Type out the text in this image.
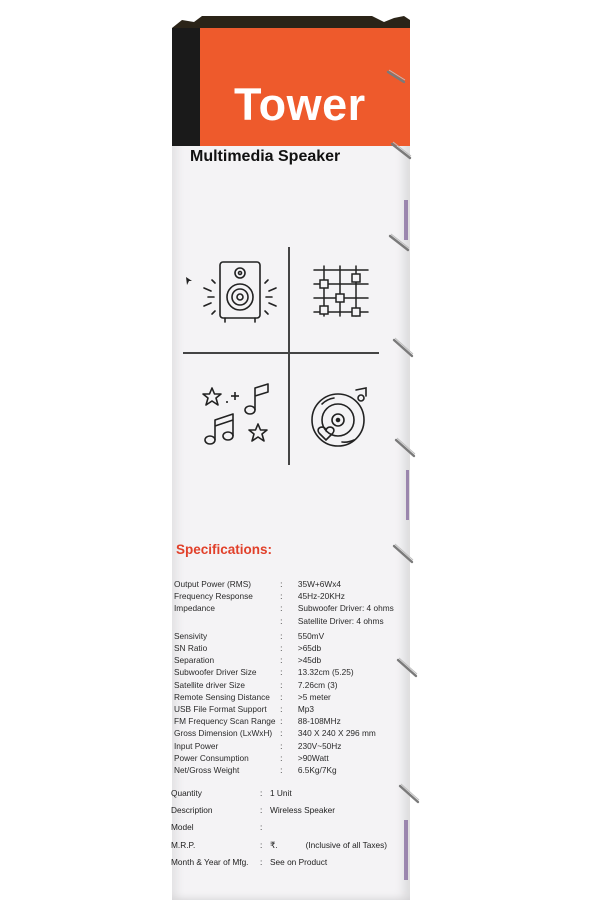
Tower
Multimedia Speaker
Specifications:
Output Power (RMS)	:	35W+6Wx4
Frequency Response	:	45Hz-20KHz
Impedance	:	Subwoofer Driver: 4 ohms
:	Satellite Driver: 4 ohms
Sensivity	:	550mV
SN Ratio	:	>65db
Separation	:	>45db
Subwoofer Driver Size	:	13.32cm (5.25)
Satellite driver Size	:	7.26cm (3)
Remote Sensing Distance	:	>5 meter
USB File Format Support	:	Mp3
FM Frequency Scan Range :	88-108MHz
Gross Dimension (LxWxH) :	340 X 240 X 296 mm
Input Power	:	230V~50Hz
Power Consumption	:	>90Watt
Net/Gross Weight	:	6.5Kg/7Kg
Quantity	: 1 Unit
Description	: Wireless Speaker
Model	:
M.R.P.	: ₹.	(Inclusive of all Taxes)
Month & Year of Mfg.	: See on Product
